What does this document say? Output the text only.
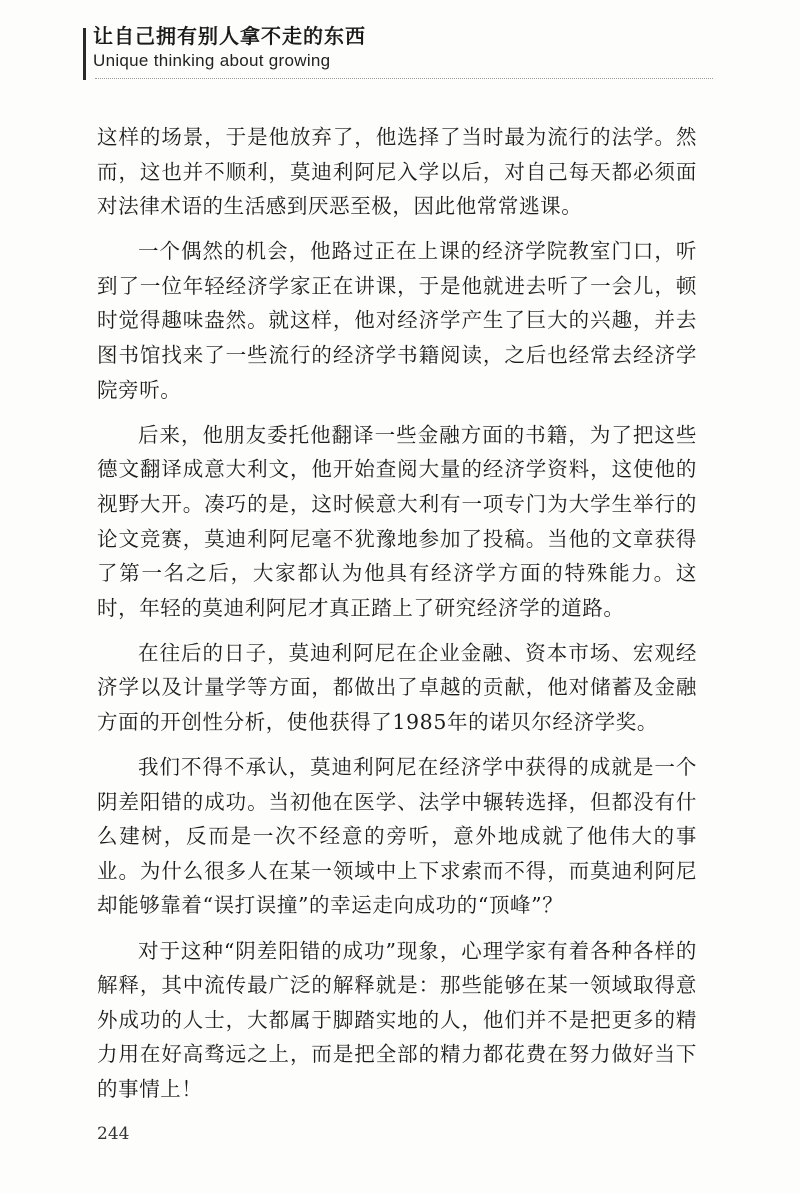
让自己拥有别人拿不走的东西
Unique thinking about growing

这样的场景，于是他放弃了，他选择了当时最为流行的法学。然而，这也并不顺利，莫迪利阿尼入学以后，对自己每天都必须面对法律术语的生活感到厌恶至极，因此他常常逃课。

一个偶然的机会，他路过正在上课的经济学院教室门口，听到了一位年轻经济学家正在讲课，于是他就进去听了一会儿，顿时觉得趣味盎然。就这样，他对经济学产生了巨大的兴趣，并去图书馆找来了一些流行的经济学书籍阅读，之后也经常去经济学院旁听。

后来，他朋友委托他翻译一些金融方面的书籍，为了把这些德文翻译成意大利文，他开始查阅大量的经济学资料，这使他的视野大开。凑巧的是，这时候意大利有一项专门为大学生举行的论文竞赛，莫迪利阿尼毫不犹豫地参加了投稿。当他的文章获得了第一名之后，大家都认为他具有经济学方面的特殊能力。这时，年轻的莫迪利阿尼才真正踏上了研究经济学的道路。

在往后的日子，莫迪利阿尼在企业金融、资本市场、宏观经济学以及计量学等方面，都做出了卓越的贡献，他对储蓄及金融方面的开创性分析，使他获得了1985年的诺贝尔经济学奖。

我们不得不承认，莫迪利阿尼在经济学中获得的成就是一个阴差阳错的成功。当初他在医学、法学中辗转选择，但都没有什么建树，反而是一次不经意的旁听，意外地成就了他伟大的事业。为什么很多人在某一领域中上下求索而不得，而莫迪利阿尼却能够靠着“误打误撞”的幸运走向成功的“顶峰”？

对于这种“阴差阳错的成功”现象，心理学家有着各种各样的解释，其中流传最广泛的解释就是：那些能够在某一领域取得意外成功的人士，大都属于脚踏实地的人，他们并不是把更多的精力用在好高骛远之上，而是把全部的精力都花费在努力做好当下的事情上！

244
